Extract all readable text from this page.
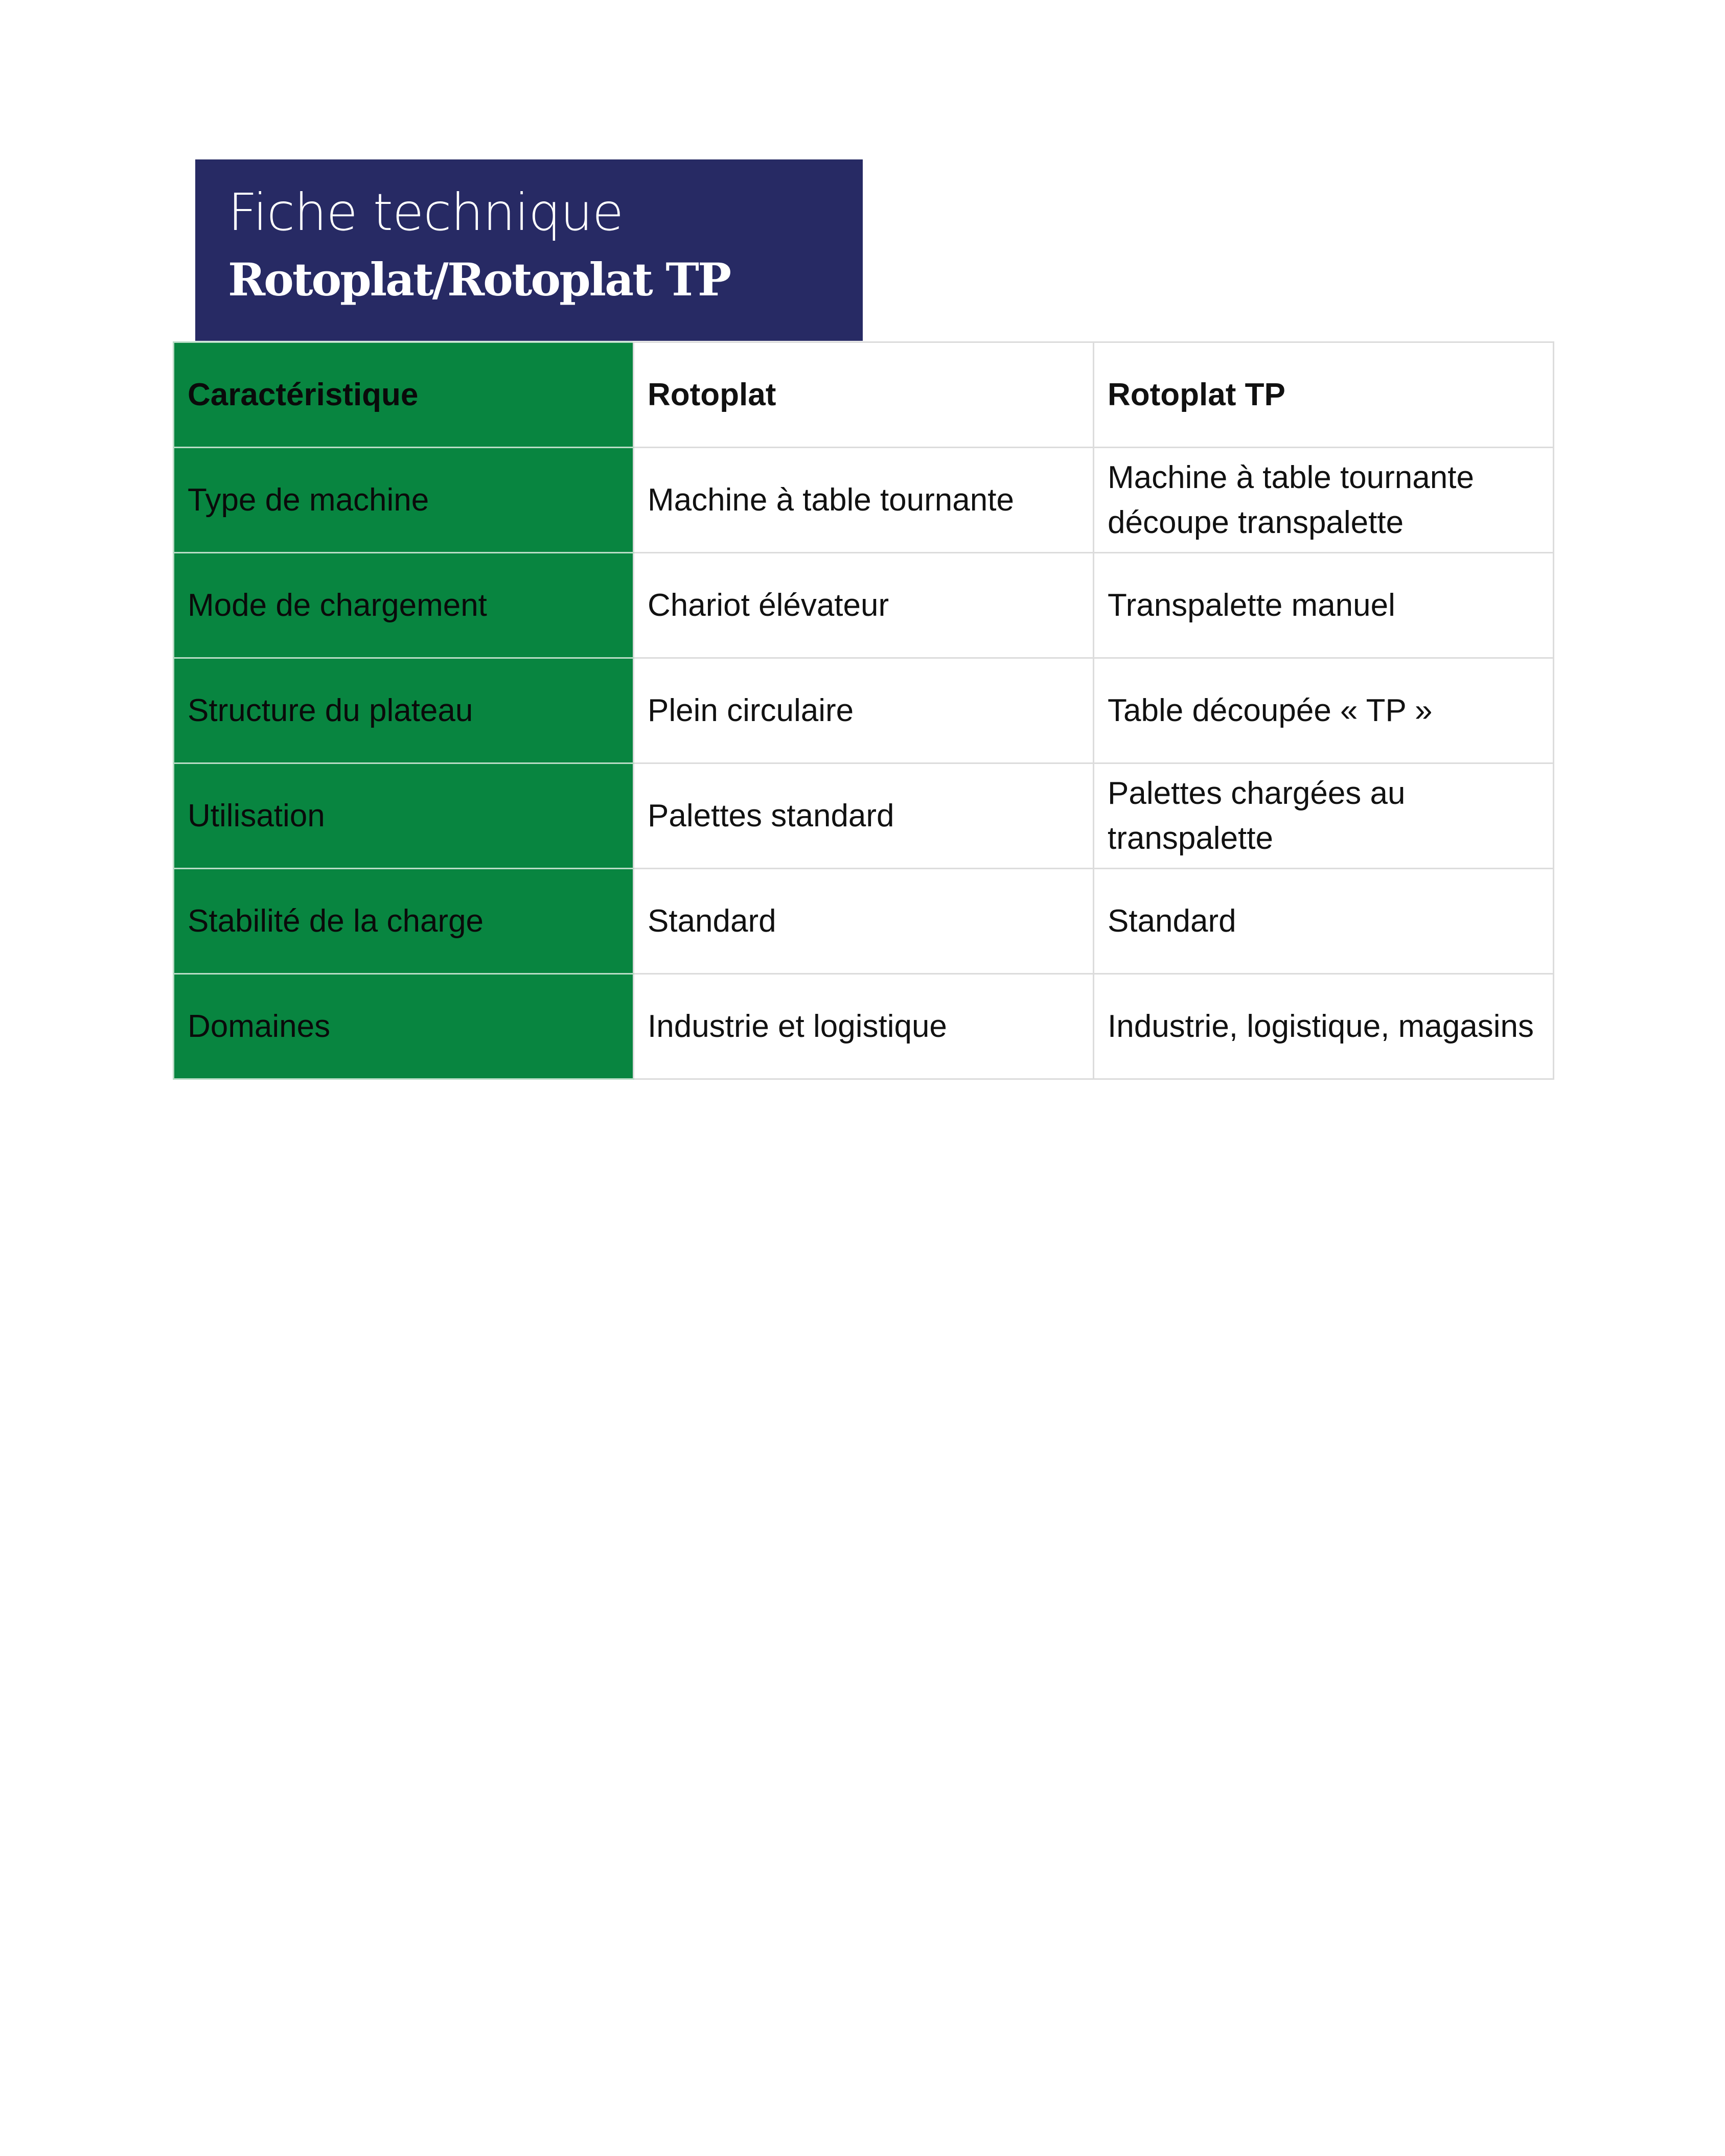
Fiche technique
Rotoplat/Rotoplat TP
Caractéristique	Rotoplat	Rotoplat TP
Type de machine	Machine à table tournante	Machine à table tournante découpe transpalette
Mode de chargement	Chariot élévateur	Transpalette manuel
Structure du plateau	Plein circulaire	Table découpée « TP »
Utilisation	Palettes standard	Palettes chargées au transpalette
Stabilité de la charge	Standard	Standard
Domaines	Industrie et logistique	Industrie, logistique, magasins
